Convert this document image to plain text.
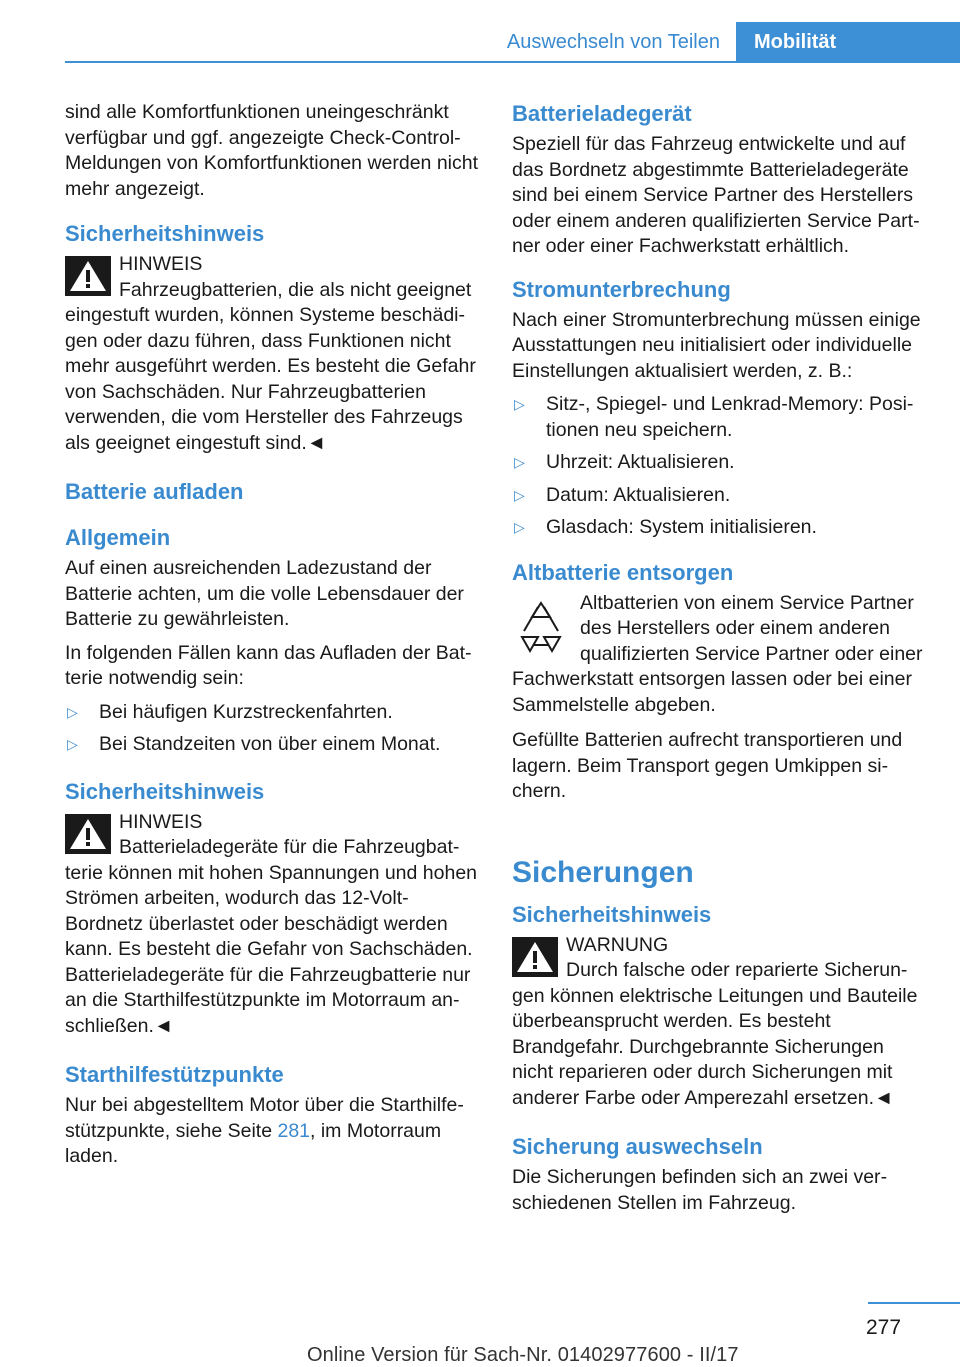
Auswechseln von Teilen	Mobilität

sind alle Komfortfunktionen uneingeschränkt verfügbar und ggf. angezeigte Check-Control-Meldungen von Komfortfunktionen werden nicht mehr angezeigt.

Sicherheitshinweis

HINWEIS

Fahrzeugbatterien, die als nicht geeignet eingestuft wurden, können Systeme beschädigen oder dazu führen, dass Funktionen nicht mehr ausgeführt werden. Es besteht die Gefahr von Sachschäden. Nur Fahrzeugbatterien verwenden, die vom Hersteller des Fahrzeugs als geeignet eingestuft sind.◄

Batterie aufladen
Allgemein

Auf einen ausreichenden Ladezustand der Batterie achten, um die volle Lebensdauer der Batterie zu gewährleisten.

In folgenden Fällen kann das Aufladen der Batterie notwendig sein:

▷ Bei häufigen Kurzstreckenfahrten.
▷ Bei Standzeiten von über einem Monat.
Sicherheitshinweis

HINWEIS

Batterieladegeräte für die Fahrzeugbatterie können mit hohen Spannungen und hohen Strömen arbeiten, wodurch das 12-Volt-Bordnetz überlastet oder beschädigt werden kann. Es besteht die Gefahr von Sachschäden. Batterieladegeräte für die Fahrzeugbatterie nur an die Starthilfestützpunkte im Motorraum anschließen.◄

Starthilfestützpunkte

Nur bei abgestelltem Motor über die Starthilfestützpunkte, siehe Seite 281, im Motorraum laden.

Batterieladegerät

Speziell für das Fahrzeug entwickelte und auf das Bordnetz abgestimmte Batterieladegeräte sind bei einem Service Partner des Herstellers oder einem anderen qualifizierten Service Partner oder einer Fachwerkstatt erhältlich.

Stromunterbrechung

Nach einer Stromunterbrechung müssen einige Ausstattungen neu initialisiert oder individuelle Einstellungen aktualisiert werden, z. B.:

▷ Sitz-, Spiegel- und Lenkrad-Memory: Positionen neu speichern.
▷ Uhrzeit: Aktualisieren.
▷ Datum: Aktualisieren.
▷ Glasdach: System initialisieren.
Altbatterie entsorgen

Altbatterien von einem Service Partner des Herstellers oder einem anderen qualifizierten Service Partner oder einer Fachwerkstatt entsorgen lassen oder bei einer Sammelstelle abgeben.

Gefüllte Batterien aufrecht transportieren und lagern. Beim Transport gegen Umkippen sichern.

Sicherungen
Sicherheitshinweis

WARNUNG

Durch falsche oder reparierte Sicherungen können elektrische Leitungen und Bauteile überbeansprucht werden. Es besteht Brandgefahr. Durchgebrannte Sicherungen nicht reparieren oder durch Sicherungen mit anderer Farbe oder Amperezahl ersetzen.◄

Sicherung auswechseln

Die Sicherungen befinden sich an zwei verschiedenen Stellen im Fahrzeug.

277
Online Version für Sach-Nr. 01402977600 - II/17
